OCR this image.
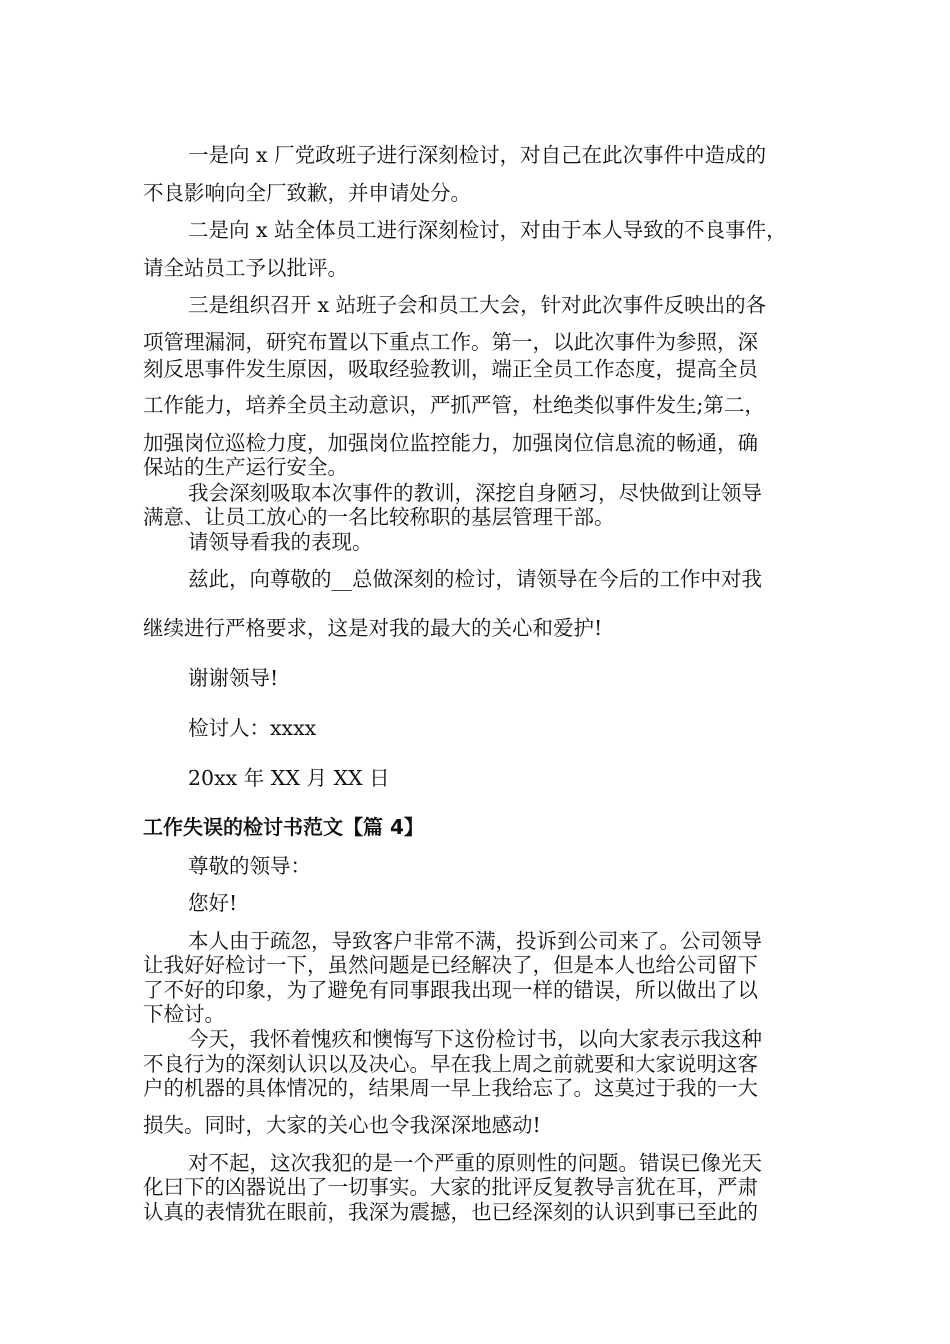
一是向 x 厂党政班子进行深刻检讨，对自己在此次事件中造成的
不良影响向全厂致歉，并申请处分。
二是向 x 站全体员工进行深刻检讨，对由于本人导致的不良事件，
请全站员工予以批评。
三是组织召开 x 站班子会和员工大会，针对此次事件反映出的各
项管理漏洞，研究布置以下重点工作。第一，以此次事件为参照，深
刻反思事件发生原因，吸取经验教训，端正全员工作态度，提高全员
工作能力，培养全员主动意识，严抓严管，杜绝类似事件发生;第二，
加强岗位巡检力度，加强岗位监控能力，加强岗位信息流的畅通，确
保站的生产运行安全。
我会深刻吸取本次事件的教训，深挖自身陋习，尽快做到让领导
满意、让员工放心的一名比较称职的基层管理干部。
请领导看我的表现。
兹此，向尊敬的__总做深刻的检讨，请领导在今后的工作中对我
继续进行严格要求，这是对我的最大的关心和爱护!
谢谢领导!
检讨人：xxxx
20xx 年 XX 月 XX 日
工作失误的检讨书范文【篇 4】
尊敬的领导：
您好!
本人由于疏忽，导致客户非常不满，投诉到公司来了。公司领导
让我好好检讨一下，虽然问题是已经解决了，但是本人也给公司留下
了不好的印象，为了避免有同事跟我出现一样的错误，所以做出了以
下检讨。
今天，我怀着愧疚和懊悔写下这份检讨书，以向大家表示我这种
不良行为的深刻认识以及决心。早在我上周之前就要和大家说明这客
户的机器的具体情况的，结果周一早上我给忘了。这莫过于我的一大
损失。同时，大家的关心也令我深深地感动!
对不起，这次我犯的是一个严重的原则性的问题。错误已像光天
化曰下的凶器说出了一切事实。大家的批评反复教导言犹在耳，严肃
认真的表情犹在眼前，我深为震撼，也已经深刻的认识到事已至此的
